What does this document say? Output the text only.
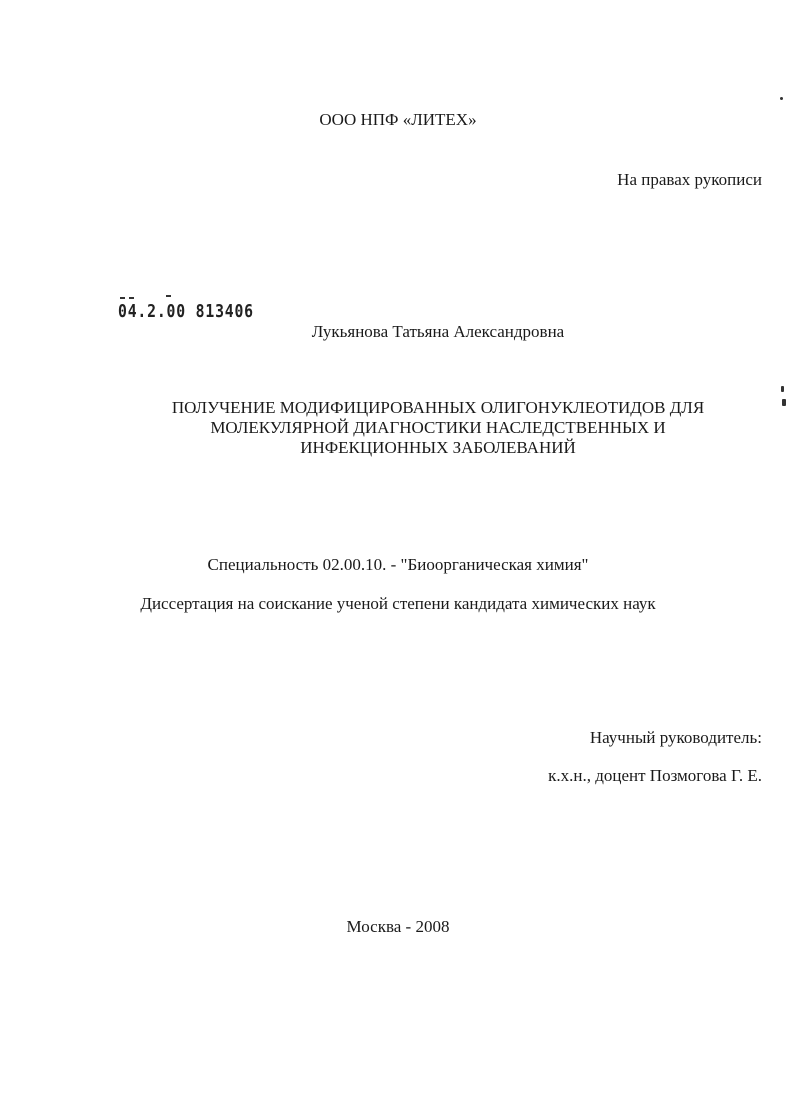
ООО НПФ «ЛИТЕХ»
На правах рукописи
04.2.00 813406
Лукьянова Татьяна Александровна
ПОЛУЧЕНИЕ МОДИФИЦИРОВАННЫХ ОЛИГОНУКЛЕОТИДОВ ДЛЯ
МОЛЕКУЛЯРНОЙ ДИАГНОСТИКИ НАСЛЕДСТВЕННЫХ И
ИНФЕКЦИОННЫХ ЗАБОЛЕВАНИЙ
Специальность 02.00.10. - "Биоорганическая химия"
Диссертация на соискание ученой степени кандидата химических наук
Научный руководитель:
к.х.н., доцент Позмогова Г. Е.
Москва - 2008
